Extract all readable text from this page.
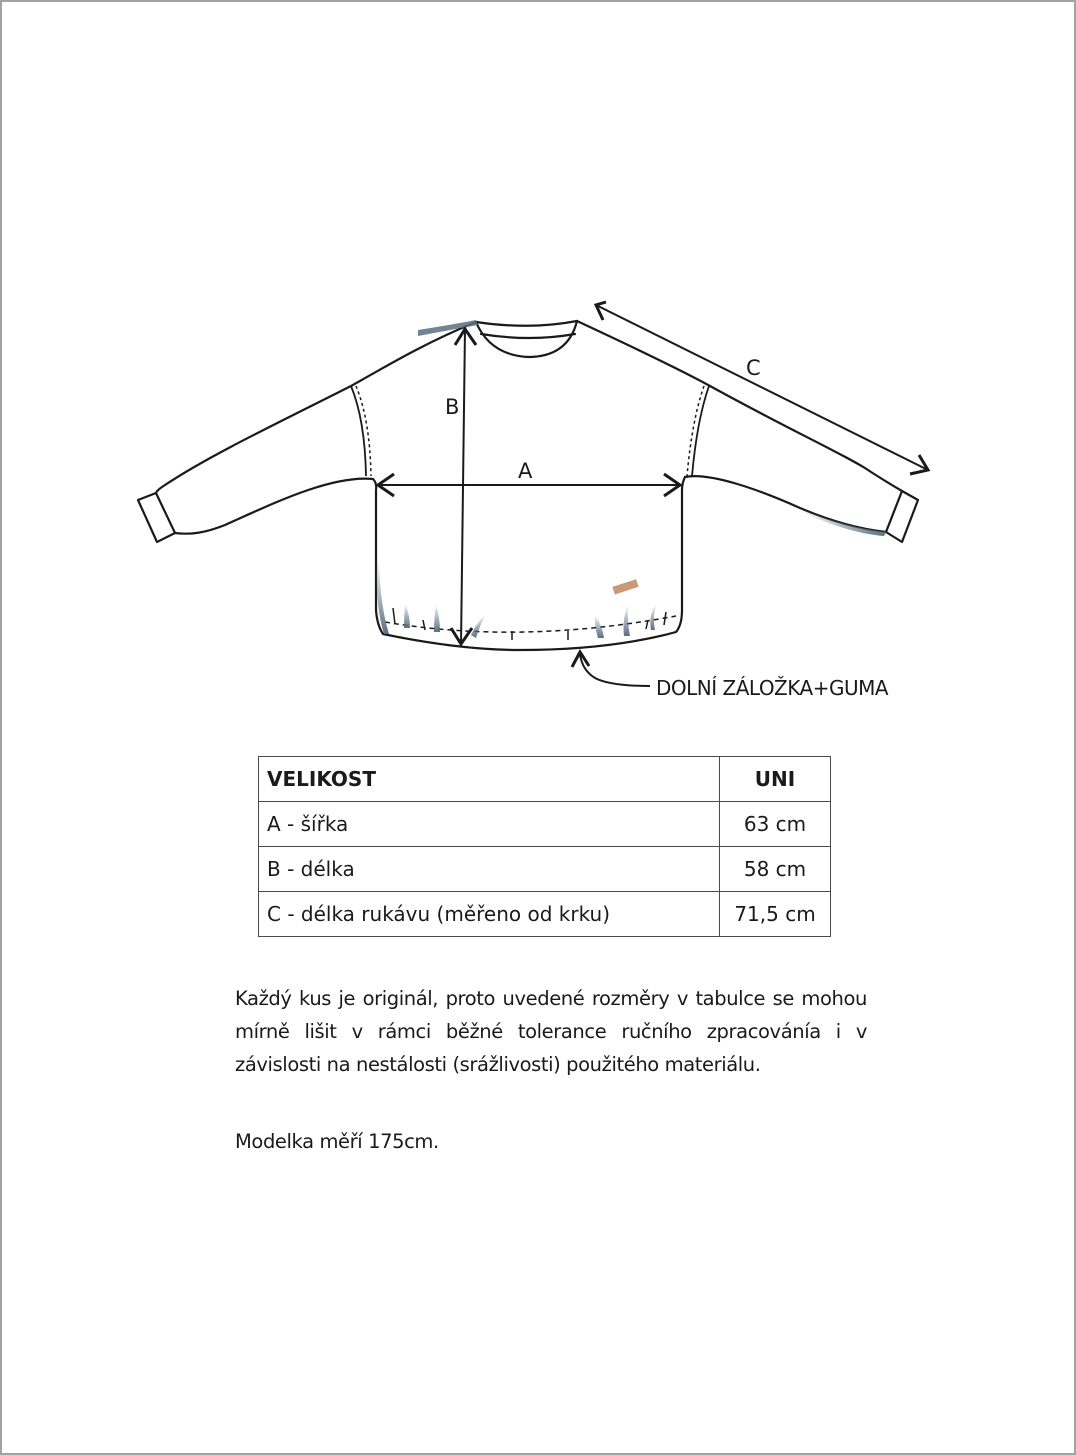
A
B
C
DOLNÍ ZÁLOŽKA+GUMA
VELIKOST	UNI
A - šířka	63 cm
B - délka	58 cm
C - délka rukávu (měřeno od krku)	71,5 cm

Každý kus je originál, proto uvedené rozměry v tabulce se mohou mírně lišit v rámci běžné tolerance ručního zpracovánía i v závislosti na nestálosti (srážlivosti) použitého materiálu.

Modelka měří 175cm.
